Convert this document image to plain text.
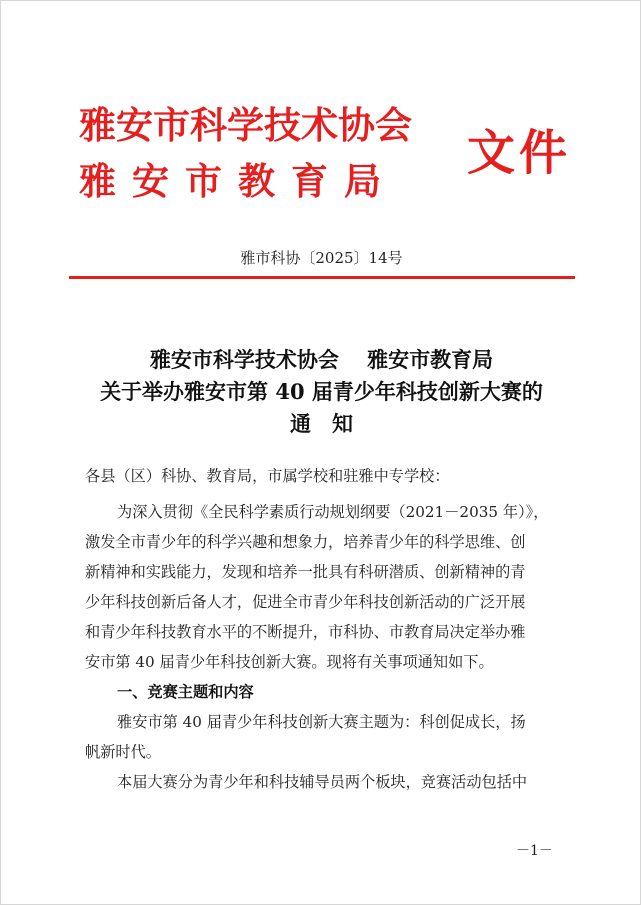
雅安市科学技术协会
雅安市教育局 文件
雅市科协〔2025〕14号
雅安市科学技术协会　 雅安市教育局
关于举办雅安市第 40 届青少年科技创新大赛的
通　知
各县（区）科协、教育局，市属学校和驻雅中专学校：
为深入贯彻《全民科学素质行动规划纲要（2021－2035 年）》，
激发全市青少年的科学兴趣和想象力，培养青少年的科学思维、创
新精神和实践能力，发现和培养一批具有科研潜质、创新精神的青
少年科技创新后备人才，促进全市青少年科技创新活动的广泛开展
和青少年科技教育水平的不断提升，市科协、市教育局决定举办雅
安市第 40 届青少年科技创新大赛。现将有关事项通知如下。
一、竞赛主题和内容
雅安市第 40 届青少年科技创新大赛主题为：科创促成长，扬
帆新时代。
本届大赛分为青少年和科技辅导员两个板块，竞赛活动包括中
－1－
